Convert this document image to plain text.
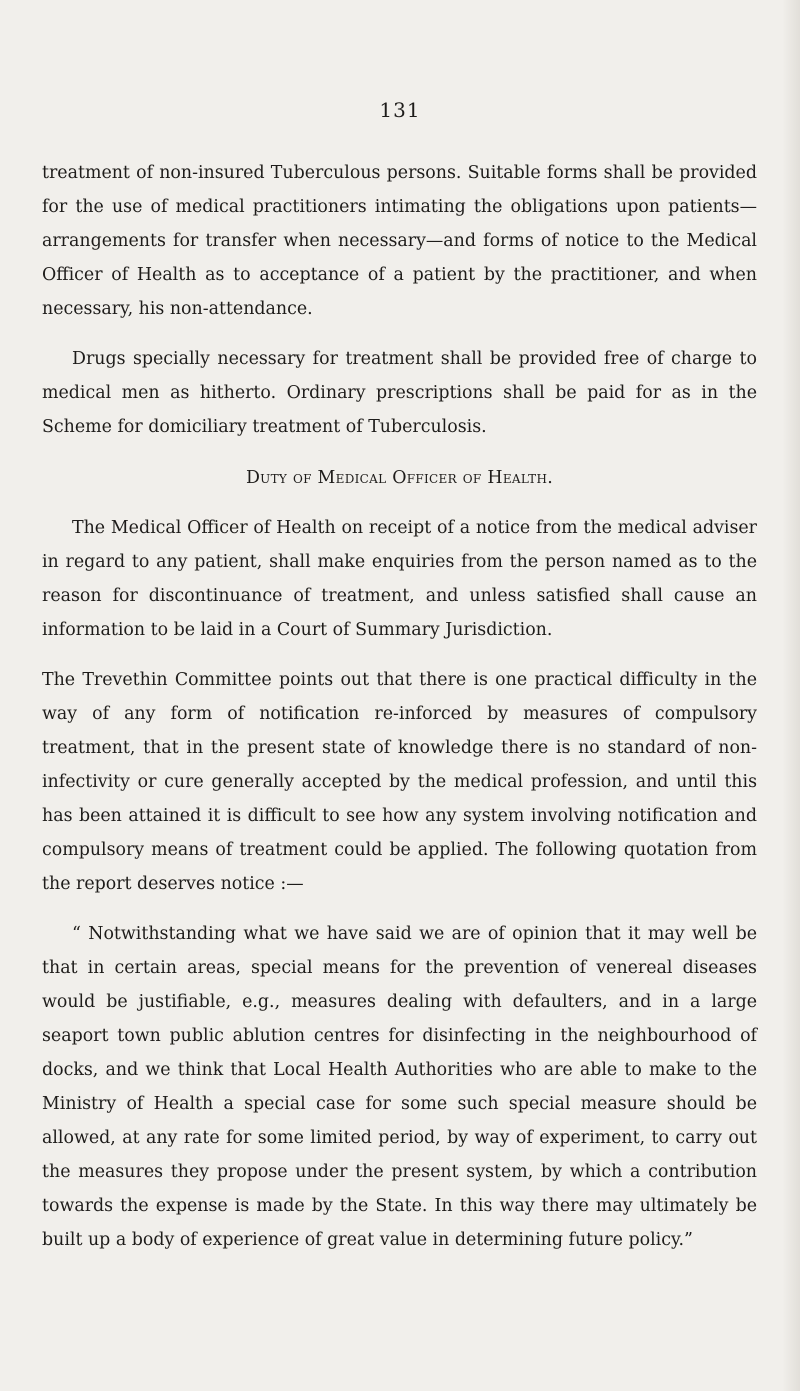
131

treatment of non-insured Tuberculous persons. Suitable forms shall be provided for the use of medical practitioners intimating the obligations upon patients—arrangements for transfer when necessary—and forms of notice to the Medical Officer of Health as to acceptance of a patient by the practitioner, and when necessary, his non-attendance.

Drugs specially necessary for treatment shall be provided free of charge to medical men as hitherto. Ordinary prescriptions shall be paid for as in the Scheme for domiciliary treatment of Tuberculosis.

Duty of Medical Officer of Health.

The Medical Officer of Health on receipt of a notice from the medical adviser in regard to any patient, shall make enquiries from the person named as to the reason for discontinuance of treatment, and unless satisfied shall cause an information to be laid in a Court of Summary Jurisdiction.

The Trevethin Committee points out that there is one practical difficulty in the way of any form of notification re-inforced by measures of compulsory treatment, that in the present state of knowledge there is no standard of non-infectivity or cure generally accepted by the medical profession, and until this has been attained it is difficult to see how any system involving notification and compulsory means of treatment could be applied. The following quotation from the report deserves notice :—

“ Notwithstanding what we have said we are of opinion that it may well be that in certain areas, special means for the prevention of venereal diseases would be justifiable, e.g., measures dealing with defaulters, and in a large seaport town public ablution centres for disinfecting in the neighbourhood of docks, and we think that Local Health Authorities who are able to make to the Ministry of Health a special case for some such special measure should be allowed, at any rate for some limited period, by way of experiment, to carry out the measures they propose under the present system, by which a contribution towards the expense is made by the State. In this way there may ultimately be built up a body of experience of great value in determining future policy.”
